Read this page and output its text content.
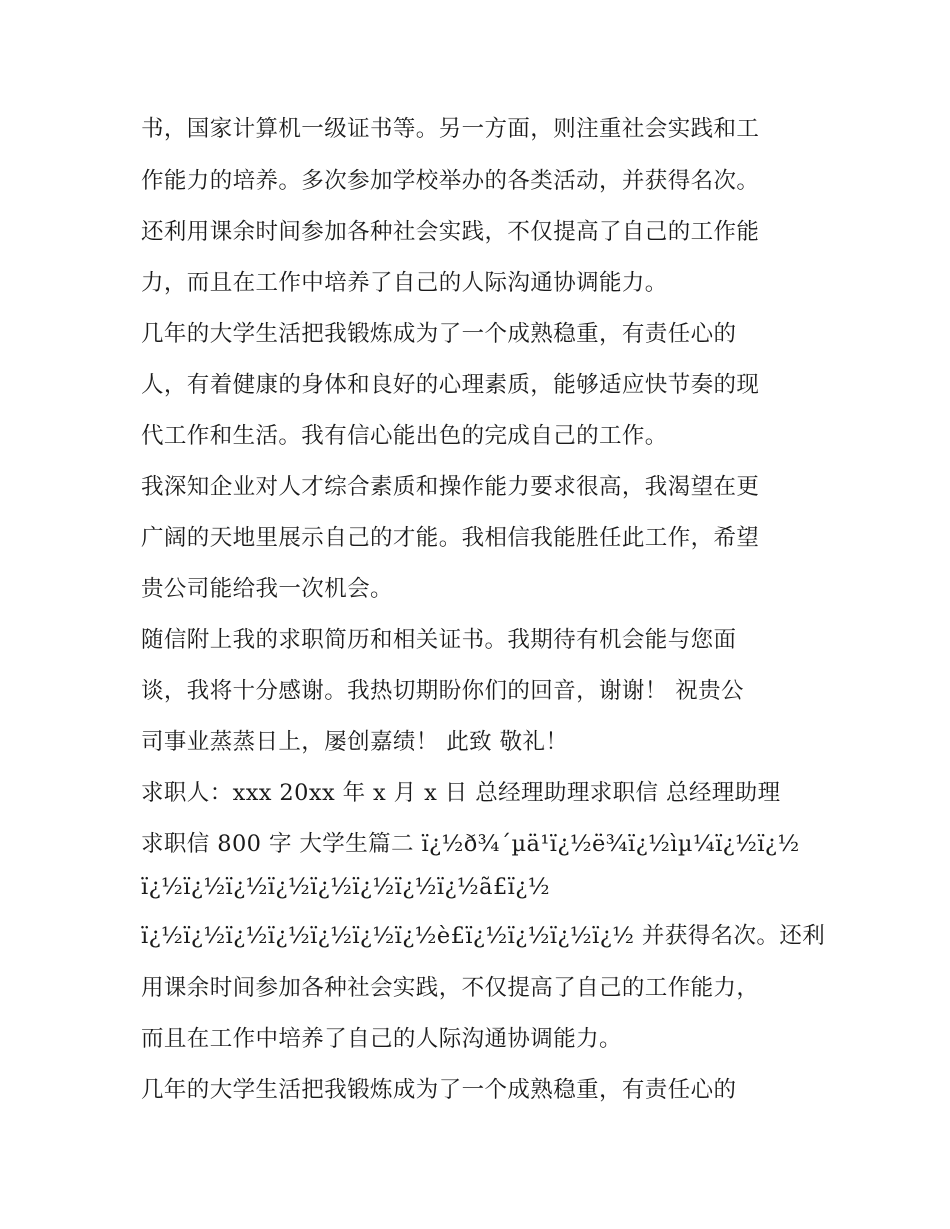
书，国家计算机一级证书等。另一方面，则注重社会实践和工
作能力的培养。多次参加学校举办的各类活动，并获得名次。
还利用课余时间参加各种社会实践，不仅提高了自己的工作能
力，而且在工作中培养了自己的人际沟通协调能力。
几年的大学生活把我锻炼成为了一个成熟稳重，有责任心的
人，有着健康的身体和良好的心理素质，能够适应快节奏的现
代工作和生活。我有信心能出色的完成自己的工作。
我深知企业对人才综合素质和操作能力要求很高，我渴望在更
广阔的天地里展示自己的才能。我相信我能胜任此工作，希望
贵公司能给我一次机会。
随信附上我的求职简历和相关证书。我期待有机会能与您面
谈，我将十分感谢。我热切期盼你们的回音，谢谢！ 祝贵公
司事业蒸蒸日上，屡创嘉绩！ 此致 敬礼！
求职人：xxx 20xx 年 x 月 x 日 总经理助理求职信 总经理助理
求职信 800 字 大学生篇二 ï¿½ð¾´µä¹ï¿½ë¾ï¿½ìµ¼ï¿½ï¿½
ï¿½ï¿½ï¿½ï¿½ï¿½ï¿½ï¿½ï¿½ã£ï¿½
ï¿½ï¿½ï¿½ï¿½ï¿½ï¿½ï¿½è£ï¿½ï¿½ï¿½ï¿½ 并获得名次。还利
用课余时间参加各种社会实践，不仅提高了自己的工作能力，
而且在工作中培养了自己的人际沟通协调能力。
几年的大学生活把我锻炼成为了一个成熟稳重，有责任心的
